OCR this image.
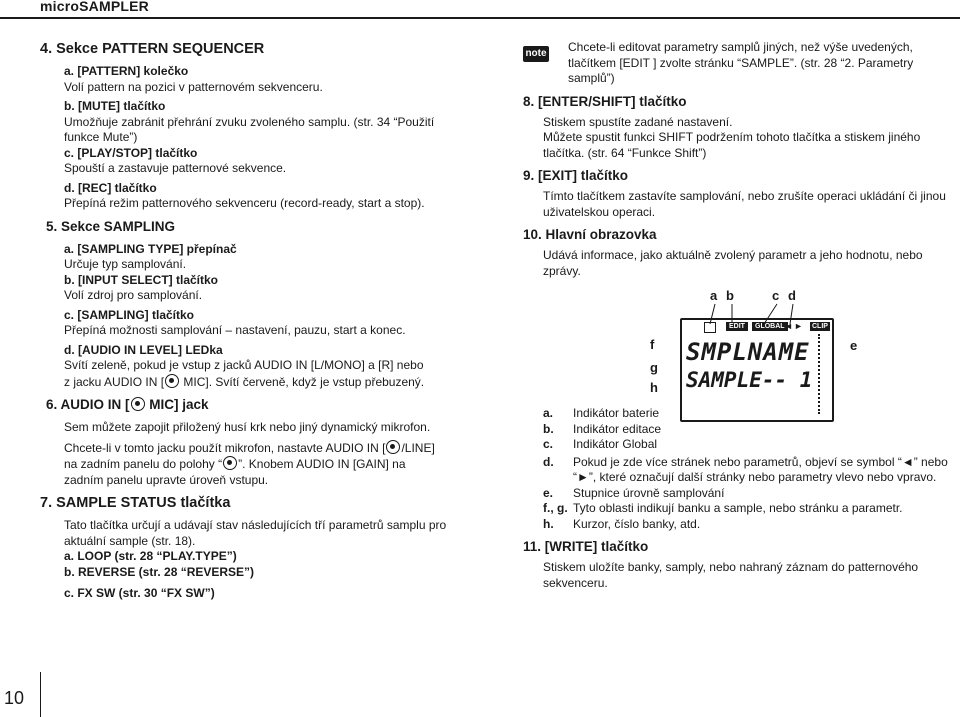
microSAMPLER
4. Sekce PATTERN SEQUENCER
a. [PATTERN] kolečko
Volí pattern na pozici v patternovém sekvenceru.
b. [MUTE] tlačítko
Umožňuje zabránit přehrání zvuku zvoleného samplu. (str. 34 “Použití funkce Mute”)
c. [PLAY/STOP] tlačítko
Spouští a zastavuje patternové sekvence.
d. [REC] tlačítko
Přepíná režim patternového sekvenceru (record-ready, start a stop).
5. Sekce SAMPLING
a. [SAMPLING TYPE] přepínač
Určuje typ samplování.
b. [INPUT SELECT] tlačítko
Volí zdroj pro samplování.
c. [SAMPLING] tlačítko
Přepíná možnosti samplování – nastavení, pauzu, start a konec.
d. [AUDIO IN LEVEL] LEDka
Svítí zeleně, pokud je vstup z jacků AUDIO IN [L/MONO] a [R] nebo
z jacku AUDIO IN [ MIC]. Svítí červeně, když je vstup přebuzený.
6. AUDIO IN [ MIC] jack
Sem můžete zapojit přiložený husí krk nebo jiný dynamický mikrofon.
Chcete-li v tomto jacku použít mikrofon, nastavte AUDIO IN [ /LINE]
na zadním panelu do polohy “ ”. Knobem AUDIO IN [GAIN] na
zadním panelu upravte úroveň vstupu.
7. SAMPLE STATUS tlačítka
Tato tlačítka určují a udávají stav následujících tří parametrů samplu pro aktuální sample (str. 18).
a. LOOP (str. 28 “PLAY.TYPE”)
b. REVERSE (str. 28 “REVERSE”)
c. FX SW (str. 30 “FX SW”)
note Chcete-li editovat parametry samplů jiných, než výše uvedených, tlačítkem [EDIT ] zvolte stránku “SAMPLE”. (str. 28 “2. Parametry samplů”)
8. [ENTER/SHIFT] tlačítko
Stiskem spustíte zadané nastavení.
Můžete spustit funkci SHIFT podržením tohoto tlačítka a stiskem jiného tlačítka. (str. 64 “Funkce Shift”)
9. [EXIT] tlačítko
Tímto tlačítkem zastavíte samplování, nebo zrušíte operaci ukládání či jinou uživatelskou operaci.
10. Hlavní obrazovka
Udává informace, jako aktuálně zvolený parametr a jeho hodnotu, nebo zprávy.
a b	c d
e
f
g
h
EDIT	GLOBAL ◄ ► CLIP
SMPLNAME
SAMPLE-- 1
a.	Indikátor baterie
b.	Indikátor editace
c.	Indikátor Global
d.	Pokud je zde více stránek nebo parametrů, objeví se symbol “◄” nebo “►”, které označují další stránky nebo parametry vlevo nebo vpravo.
e.	Stupnice úrovně samplování
f., g. Tyto oblasti indikují banku a sample, nebo stránku a parametr.
h.	Kurzor, číslo banky, atd.
11. [WRITE] tlačítko
Stiskem uložíte banky, samply, nebo nahraný záznam do patternového sekvenceru.
10
